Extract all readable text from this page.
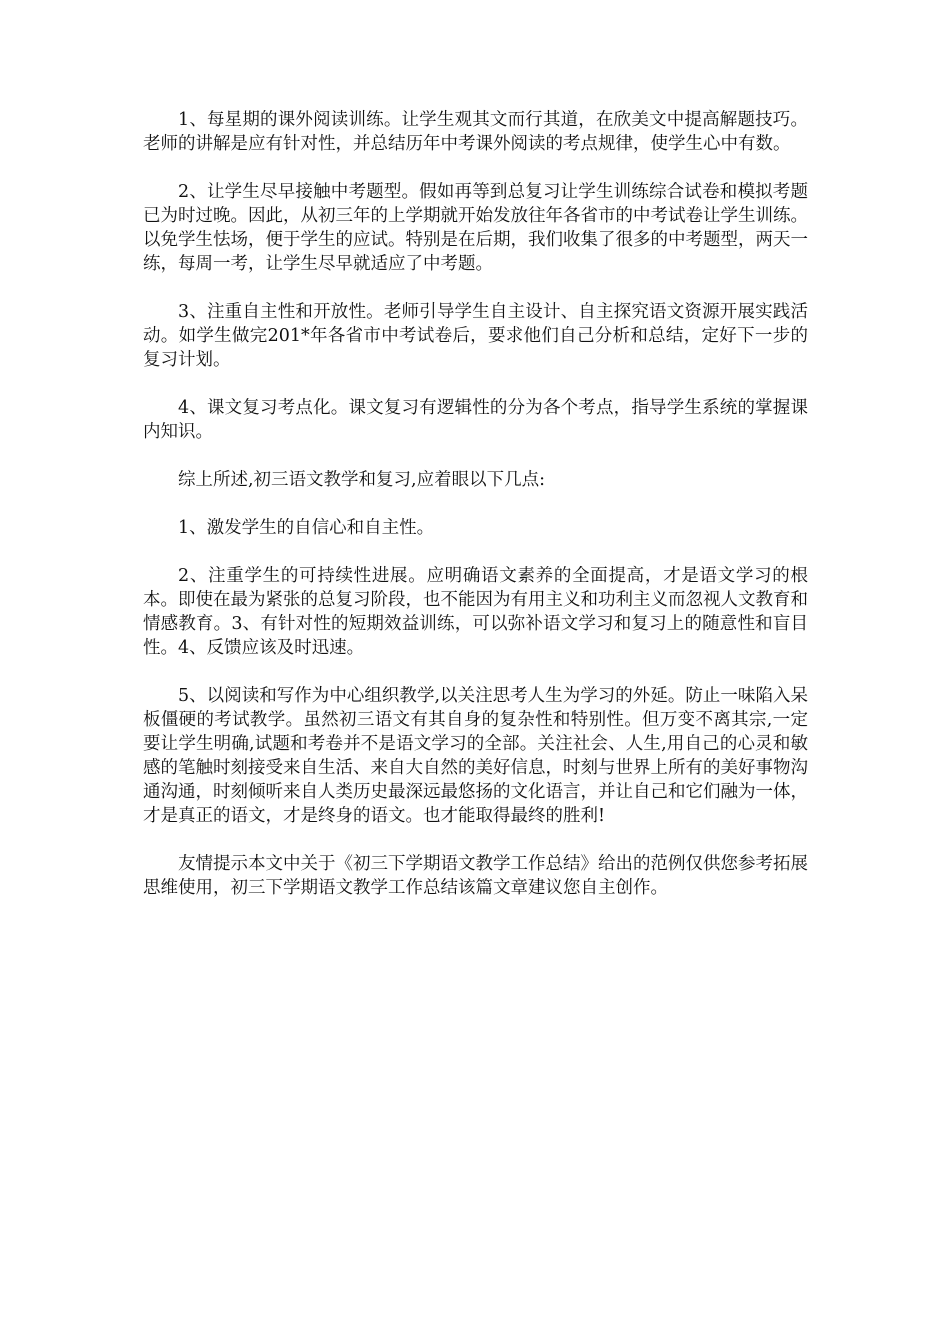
1、每星期的课外阅读训练。让学生观其文而行其道，在欣美文中提高解题技巧。老师的讲解是应有针对性，并总结历年中考课外阅读的考点规律，使学生心中有数。

2、让学生尽早接触中考题型。假如再等到总复习让学生训练综合试卷和模拟考题已为时过晚。因此，从初三年的上学期就开始发放往年各省市的中考试卷让学生训练。以免学生怯场，便于学生的应试。特别是在后期，我们收集了很多的中考题型，两天一练，每周一考，让学生尽早就适应了中考题。

3、注重自主性和开放性。老师引导学生自主设计、自主探究语文资源开展实践活动。如学生做完201*年各省市中考试卷后，要求他们自己分析和总结，定好下一步的复习计划。

4、课文复习考点化。课文复习有逻辑性的分为各个考点，指导学生系统的掌握课内知识。

综上所述,初三语文教学和复习,应着眼以下几点:

1、激发学生的自信心和自主性。

2、注重学生的可持续性进展。应明确语文素养的全面提高，才是语文学习的根本。即使在最为紧张的总复习阶段，也不能因为有用主义和功利主义而忽视人文教育和情感教育。3、有针对性的短期效益训练，可以弥补语文学习和复习上的随意性和盲目性。4、反馈应该及时迅速。

5、以阅读和写作为中心组织教学,以关注思考人生为学习的外延。防止一味陷入呆板僵硬的考试教学。虽然初三语文有其自身的复杂性和特别性。但万变不离其宗,一定要让学生明确,试题和考卷并不是语文学习的全部。关注社会、人生,用自己的心灵和敏感的笔触时刻接受来自生活、来自大自然的美好信息，时刻与世界上所有的美好事物沟通沟通，时刻倾听来自人类历史最深远最悠扬的文化语言，并让自己和它们融为一体，才是真正的语文，才是终身的语文。也才能取得最终的胜利!

友情提示本文中关于《初三下学期语文教学工作总结》给出的范例仅供您参考拓展思维使用，初三下学期语文教学工作总结该篇文章建议您自主创作。
